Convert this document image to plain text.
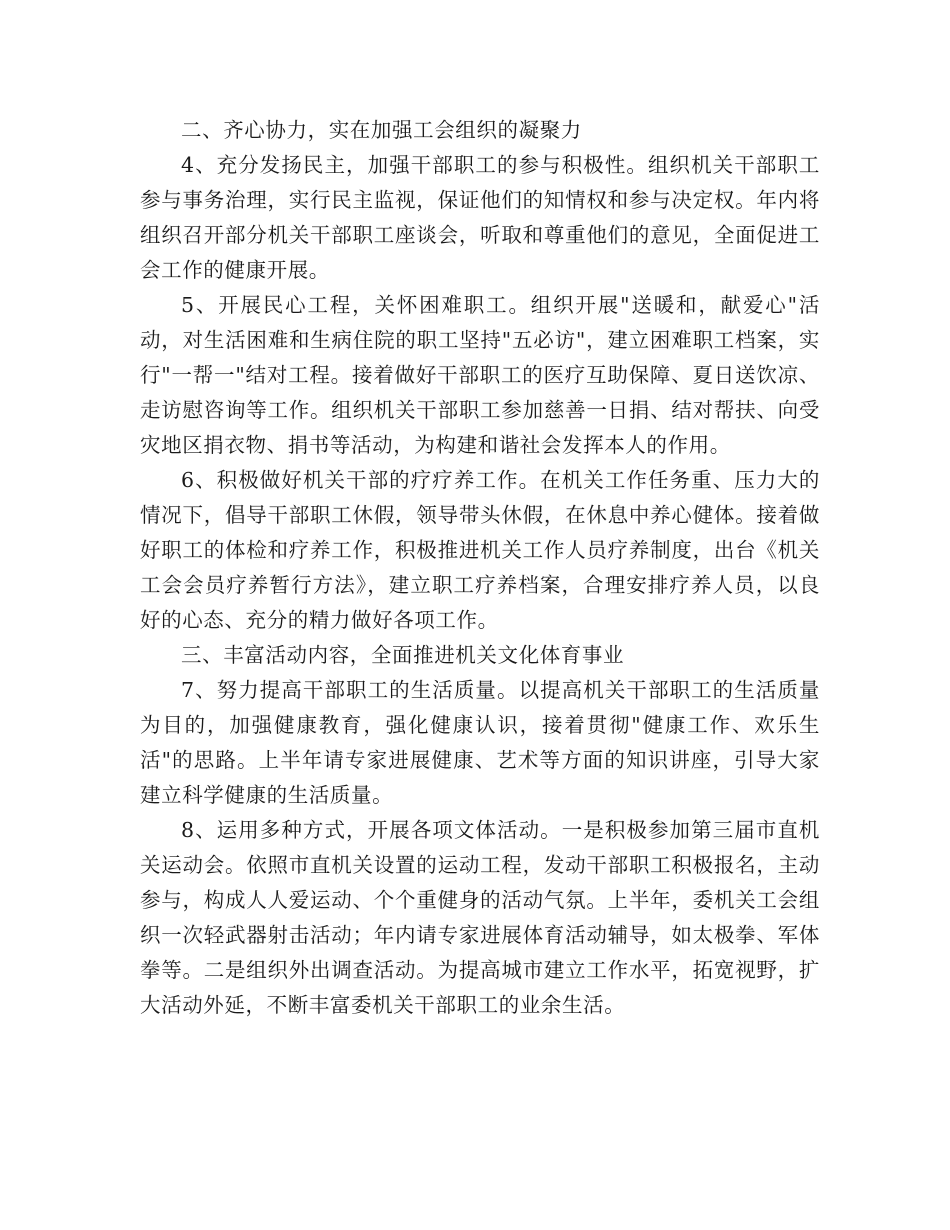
二、齐心协力，实在加强工会组织的凝聚力

4、充分发扬民主，加强干部职工的参与积极性。组织机关干部职工参与事务治理，实行民主监视，保证他们的知情权和参与决定权。年内将组织召开部分机关干部职工座谈会，听取和尊重他们的意见，全面促进工会工作的健康开展。

5、开展民心工程，关怀困难职工。组织开展"送暖和，献爱心"活动，对生活困难和生病住院的职工坚持"五必访"，建立困难职工档案，实行"一帮一"结对工程。接着做好干部职工的医疗互助保障、夏日送饮凉、走访慰咨询等工作。组织机关干部职工参加慈善一日捐、结对帮扶、向受灾地区捐衣物、捐书等活动，为构建和谐社会发挥本人的作用。

6、积极做好机关干部的疗疗养工作。在机关工作任务重、压力大的情况下，倡导干部职工休假，领导带头休假，在休息中养心健体。接着做好职工的体检和疗养工作，积极推进机关工作人员疗养制度，出台《机关工会会员疗养暂行方法》，建立职工疗养档案，合理安排疗养人员，以良好的心态、充分的精力做好各项工作。

三、丰富活动内容，全面推进机关文化体育事业

7、努力提高干部职工的生活质量。以提高机关干部职工的生活质量为目的，加强健康教育，强化健康认识，接着贯彻"健康工作、欢乐生活"的思路。上半年请专家进展健康、艺术等方面的知识讲座，引导大家建立科学健康的生活质量。

8、运用多种方式，开展各项文体活动。一是积极参加第三届市直机关运动会。依照市直机关设置的运动工程，发动干部职工积极报名，主动参与，构成人人爱运动、个个重健身的活动气氛。上半年，委机关工会组织一次轻武器射击活动；年内请专家进展体育活动辅导，如太极拳、军体拳等。二是组织外出调查活动。为提高城市建立工作水平，拓宽视野，扩大活动外延，不断丰富委机关干部职工的业余生活。
